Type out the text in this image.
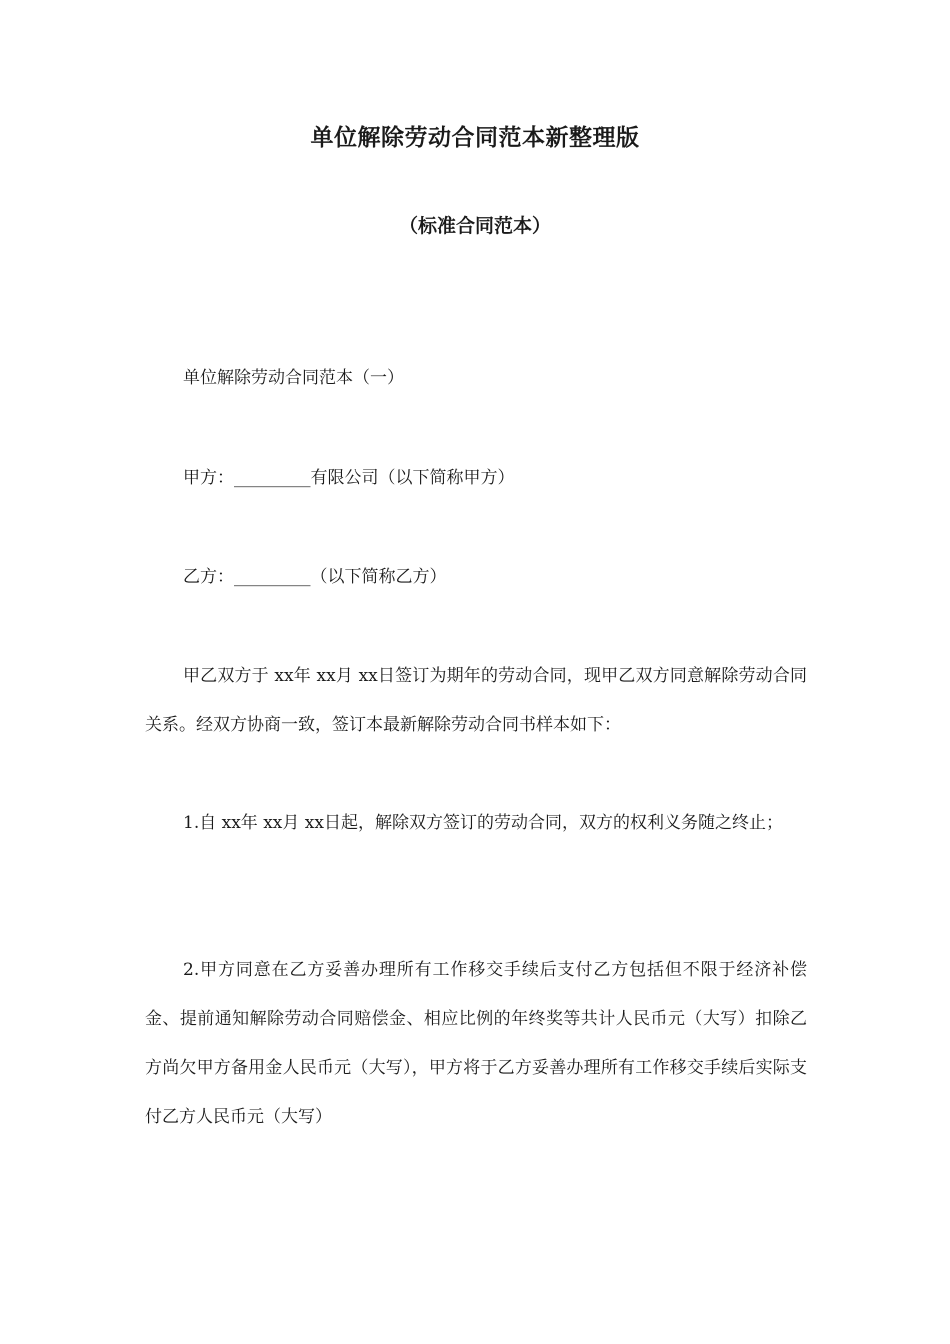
单位解除劳动合同范本新整理版
（标准合同范本）

单位解除劳动合同范本（一）

甲方：_________有限公司（以下简称甲方）

乙方：_________（以下简称乙方）

甲乙双方于 xx年 xx月 xx日签订为期年的劳动合同，现甲乙双方同意解除劳动合同关系。经双方协商一致，签订本最新解除劳动合同书样本如下：

1.自 xx年 xx月 xx日起，解除双方签订的劳动合同，双方的权利义务随之终止；

2.甲方同意在乙方妥善办理所有工作移交手续后支付乙方包括但不限于经济补偿金、提前通知解除劳动合同赔偿金、相应比例的年终奖等共计人民币元（大写）扣除乙方尚欠甲方备用金人民币元（大写），甲方将于乙方妥善办理所有工作移交手续后实际支付乙方人民币元（大写）
